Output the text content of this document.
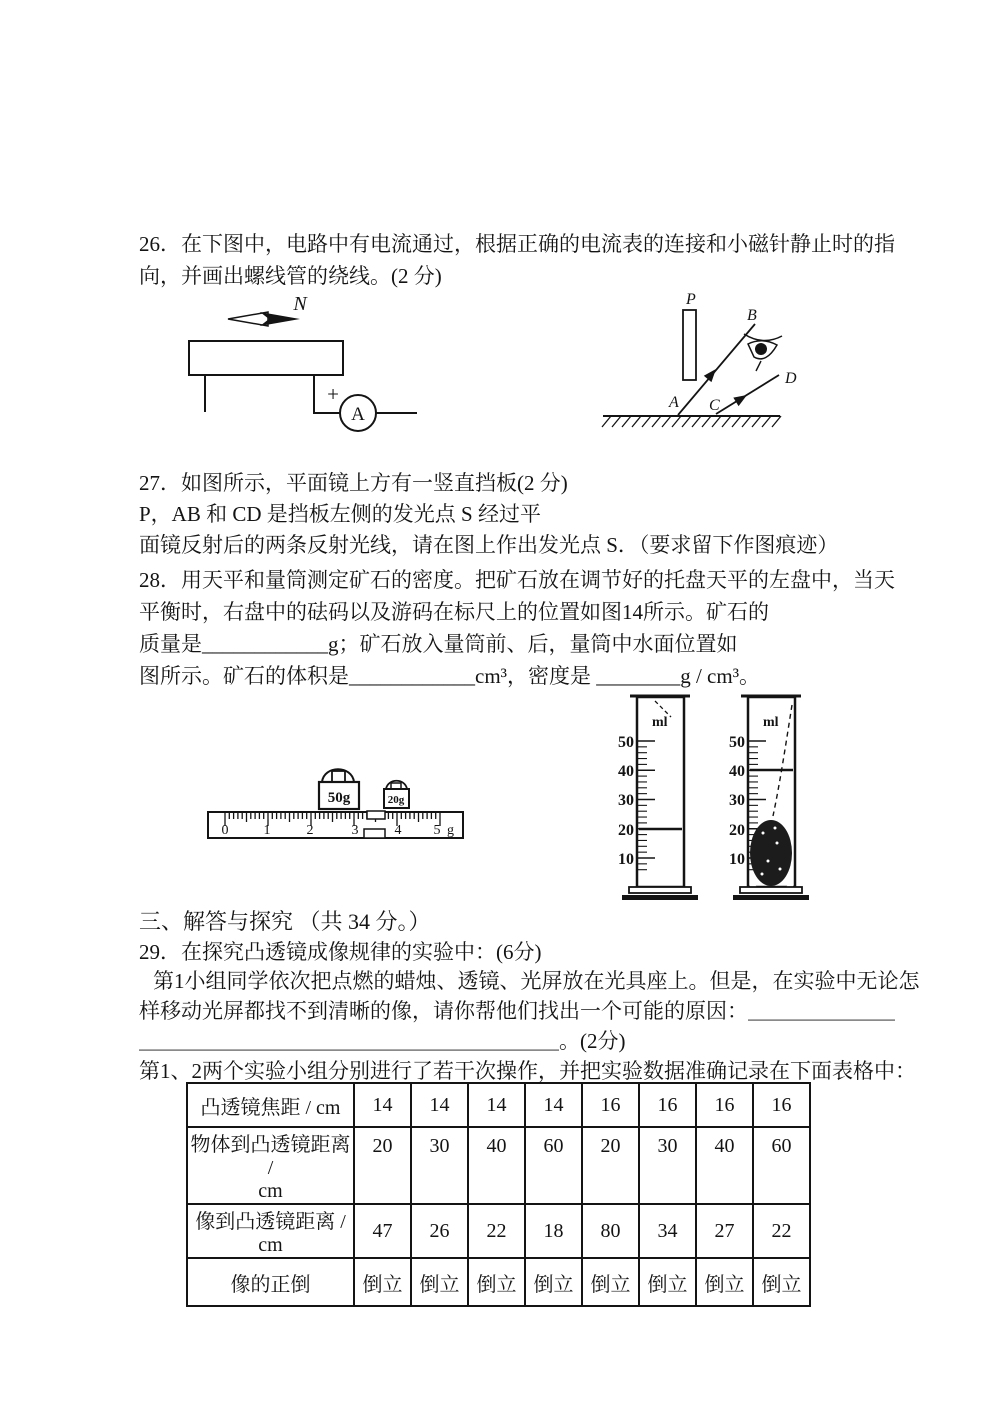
26．在下图中，电路中有电流通过，根据正确的电流表的连接和小磁针静止时的指
向，并画出螺线管的绕线。(2 分)
N
+
A
P
B
A C
D
27．如图所示，平面镜上方有一竖直挡板(2 分)
P，AB 和 CD 是挡板左侧的发光点 S 经过平
面镜反射后的两条反射光线，请在图上作出发光点 S．（要求留下作图痕迹）
28．用天平和量筒测定矿石的密度。把矿石放在调节好的托盘天平的左盘中，当天
平衡时，右盘中的砝码以及游码在标尺上的位置如图14所示。矿石的
质量是____________g；矿石放入量筒前、后，量筒中水面位置如
图所示。矿石的体积是____________cm³，密度是 ________g / cm³。
50g	20g
0	1	2	3	4 5 g
50
40
30
20
10
ml
50
40
30
20
10
ml
三、解答与探究 （共 34 分。）
29．在探究凸透镜成像规律的实验中：(6分)
第1小组同学依次把点燃的蜡烛、透镜、光屏放在光具座上。但是，在实验中无论怎
样移动光屏都找不到清晰的像，请你帮他们找出一个可能的原因：＿＿＿＿＿＿＿
＿＿＿＿＿＿＿＿＿＿＿＿＿＿＿＿＿＿＿＿。(2分)
第1、2两个实验小组分别进行了若干次操作，并把实验数据准确记录在下面表格中：
凸透镜焦距 / cm	14	14	14	14	16	16	16	16

物体到凸透镜距离 /
cm	20	30	40	60	20	30	40	60

像到凸透镜距离 / cm	47	26	22	18	80	34	27	22

像的正倒	倒立	倒立	倒立	倒立	倒立	倒立	倒立	倒立
